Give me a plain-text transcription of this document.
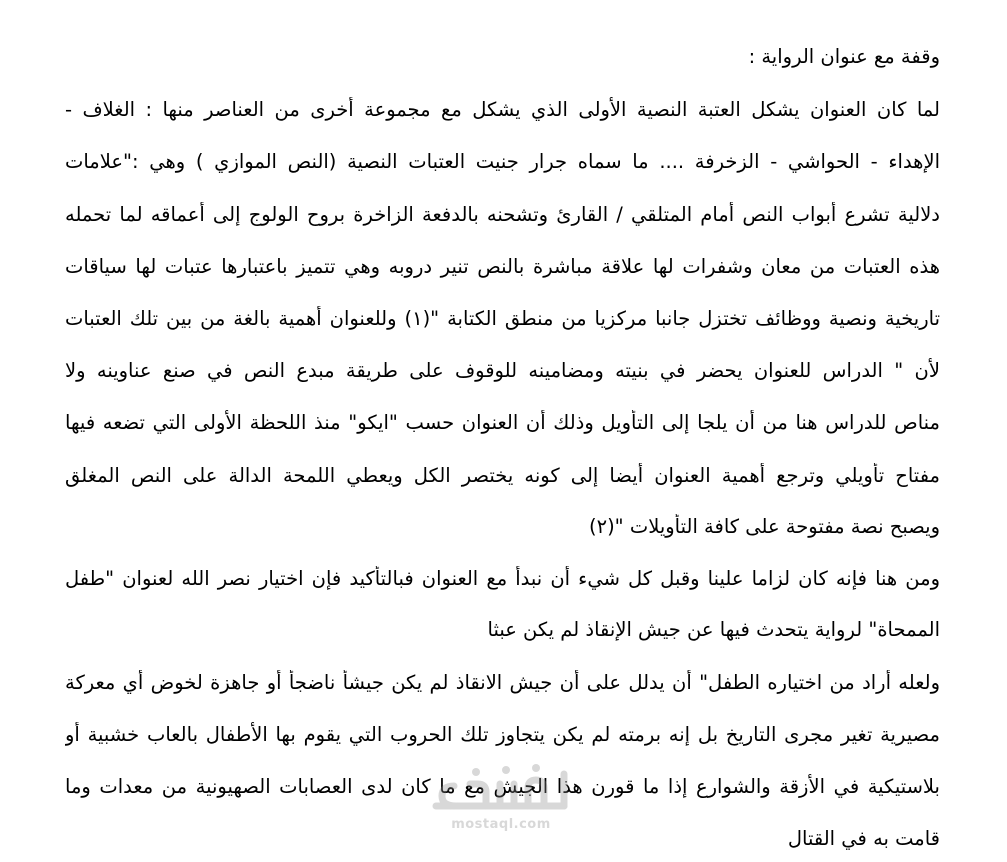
وقفة مع عنوان الرواية :
لما كان العنوان يشكل العتبة النصية الأولى الذي يشكل مع مجموعة أخرى من العناصر منها : الغلاف -
الإهداء - الحواشي - الزخرفة .... ما سماه جرار جنيت العتبات النصية (النص الموازي ) وهي :"علامات
دلالية تشرع أبواب النص أمام المتلقي / القارئ وتشحنه بالدفعة الزاخرة بروح الولوج إلى أعماقه لما تحمله
هذه العتبات من معان وشفرات لها علاقة مباشرة بالنص تنير دروبه وهي تتميز باعتبارها عتبات لها سياقات
تاريخية ونصية ووظائف تختزل جانبا مركزيا من منطق الكتابة "(١) وللعنوان أهمية بالغة من بين تلك العتبات
لأن " الدراس للعنوان يحضر في بنيته ومضامينه للوقوف على طريقة مبدع النص في صنع عناوينه ولا
مناص للدراس هنا من أن يلجا إلى التأويل وذلك أن العنوان حسب "ايكو" منذ اللحظة الأولى التي تضعه فيها
مفتاح تأويلي وترجع أهمية العنوان أيضا إلى كونه يختصر الكل ويعطي اللمحة الدالة على النص المغلق
ويصبح نصة مفتوحة على كافة التأويلات "(٢)
ومن هنا فإنه كان لزاما علينا وقبل كل شيء أن نبدأ مع العنوان فبالتأكيد فإن اختيار نصر الله لعنوان "طفل
الممحاة" لرواية يتحدث فيها عن جيش الإنقاذ لم يكن عبثا
ولعله أراد من اختياره الطفل" أن يدلل على أن جيش الانقاذ لم يكن جيشأ ناضجأ أو جاهزة لخوض أي معركة
مصيرية تغير مجرى التاريخ بل إنه برمته لم يكن يتجاوز تلك الحروب التي يقوم بها الأطفال بالعاب خشبية أو
بلاستيكية في الأزقة والشوارع إذا ما قورن هذا الجيش مع ما كان لدى العصابات الصهيونية من معدات وما
قامت به في القتال
mostaql.com
